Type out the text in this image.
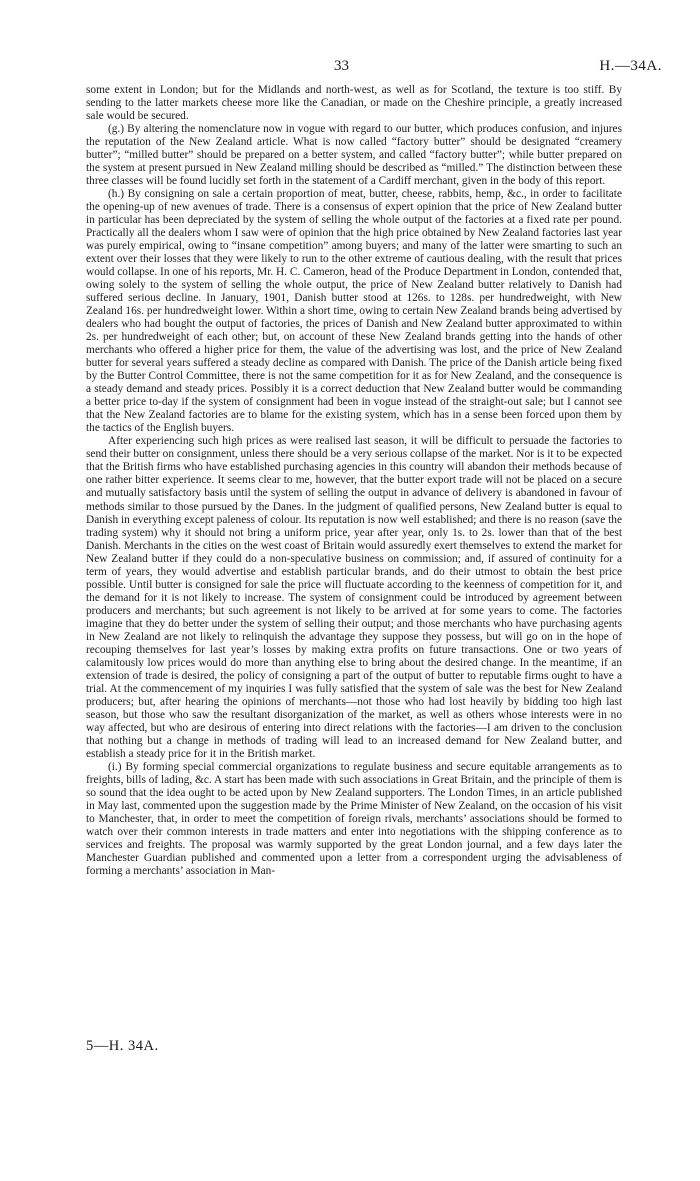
33	H.—34A.

some extent in London; but for the Midlands and north-west, as well as for Scotland, the texture is too stiff. By sending to the latter markets cheese more like the Canadian, or made on the Cheshire principle, a greatly increased sale would be secured.

(g.) By altering the nomenclature now in vogue with regard to our butter, which produces confusion, and injures the reputation of the New Zealand article. What is now called “factory butter” should be designated “creamery butter”; “milled butter” should be prepared on a better system, and called “factory butter”; while butter prepared on the system at present pursued in New Zealand milling should be described as “milled.” The distinction between these three classes will be found lucidly set forth in the statement of a Cardiff merchant, given in the body of this report.

(h.) By consigning on sale a certain proportion of meat, butter, cheese, rabbits, hemp, &c., in order to facilitate the opening-up of new avenues of trade. There is a consensus of expert opinion that the price of New Zealand butter in particular has been depreciated by the system of selling the whole output of the factories at a fixed rate per pound. Practically all the dealers whom I saw were of opinion that the high price obtained by New Zealand factories last year was purely empirical, owing to “insane competition” among buyers; and many of the latter were smarting to such an extent over their losses that they were likely to run to the other extreme of cautious dealing, with the result that prices would collapse. In one of his reports, Mr. H. C. Cameron, head of the Produce Department in London, contended that, owing solely to the system of selling the whole output, the price of New Zealand butter relatively to Danish had suffered serious decline. In January, 1901, Danish butter stood at 126s. to 128s. per hundredweight, with New Zealand 16s. per hundredweight lower. Within a short time, owing to certain New Zealand brands being advertised by dealers who had bought the output of factories, the prices of Danish and New Zealand butter approximated to within 2s. per hundredweight of each other; but, on account of these New Zealand brands getting into the hands of other merchants who offered a higher price for them, the value of the advertising was lost, and the price of New Zealand butter for several years suffered a steady decline as compared with Danish. The price of the Danish article being fixed by the Butter Control Committee, there is not the same competition for it as for New Zealand, and the consequence is a steady demand and steady prices. Possibly it is a correct deduction that New Zealand butter would be commanding a better price to-day if the system of consignment had been in vogue instead of the straight-out sale; but I cannot see that the New Zealand factories are to blame for the existing system, which has in a sense been forced upon them by the tactics of the English buyers.

After experiencing such high prices as were realised last season, it will be difficult to persuade the factories to send their butter on consignment, unless there should be a very serious collapse of the market. Nor is it to be expected that the British firms who have established purchasing agencies in this country will abandon their methods because of one rather bitter experience. It seems clear to me, however, that the butter export trade will not be placed on a secure and mutually satisfactory basis until the system of selling the output in advance of delivery is abandoned in favour of methods similar to those pursued by the Danes. In the judgment of qualified persons, New Zealand butter is equal to Danish in everything except paleness of colour. Its reputation is now well established; and there is no reason (save the trading system) why it should not bring a uniform price, year after year, only 1s. to 2s. lower than that of the best Danish. Merchants in the cities on the west coast of Britain would assuredly exert themselves to extend the market for New Zealand butter if they could do a non-speculative business on commission; and, if assured of continuity for a term of years, they would advertise and establish particular brands, and do their utmost to obtain the best price possible. Until butter is consigned for sale the price will fluctuate according to the keenness of competition for it, and the demand for it is not likely to increase. The system of consignment could be introduced by agreement between producers and merchants; but such agreement is not likely to be arrived at for some years to come. The factories imagine that they do better under the system of selling their output; and those merchants who have purchasing agents in New Zealand are not likely to relinquish the advantage they suppose they possess, but will go on in the hope of recouping themselves for last year’s losses by making extra profits on future transactions. One or two years of calamitously low prices would do more than anything else to bring about the desired change. In the meantime, if an extension of trade is desired, the policy of consigning a part of the output of butter to reputable firms ought to have a trial. At the commencement of my inquiries I was fully satisfied that the system of sale was the best for New Zealand producers; but, after hearing the opinions of merchants—not those who had lost heavily by bidding too high last season, but those who saw the resultant disorganization of the market, as well as others whose interests were in no way affected, but who are desirous of entering into direct relations with the factories—I am driven to the conclusion that nothing but a change in methods of trading will lead to an increased demand for New Zealand butter, and establish a steady price for it in the British market.

(i.) By forming special commercial organizations to regulate business and secure equitable arrangements as to freights, bills of lading, &c. A start has been made with such associations in Great Britain, and the principle of them is so sound that the idea ought to be acted upon by New Zealand supporters. The London Times, in an article published in May last, commented upon the suggestion made by the Prime Minister of New Zealand, on the occasion of his visit to Manchester, that, in order to meet the competition of foreign rivals, merchants’ associations should be formed to watch over their common interests in trade matters and enter into negotiations with the shipping conference as to services and freights. The proposal was warmly supported by the great London journal, and a few days later the Manchester Guardian published and commented upon a letter from a correspondent urging the advisableness of forming a merchants’ association in Man-

5—H. 34A.
